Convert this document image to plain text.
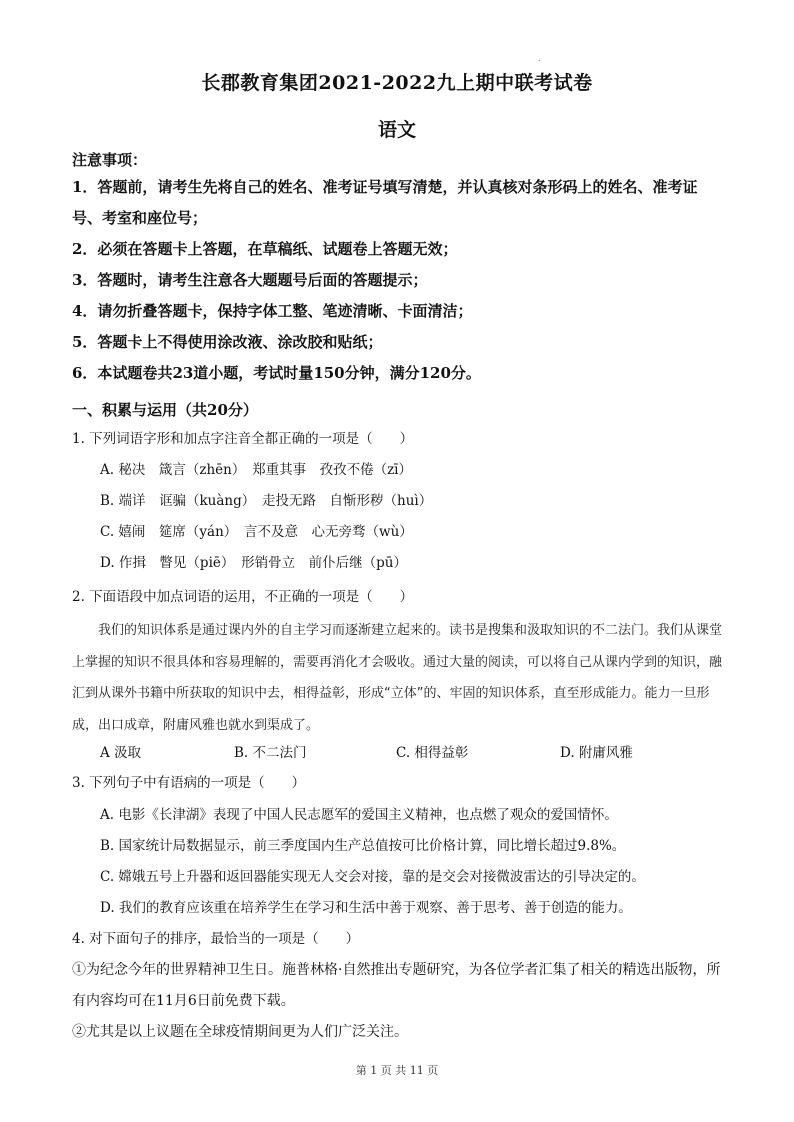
.
长郡教育集团2021-2022九上期中联考试卷
语文
注意事项：
1．答题前，请考生先将自己的姓名、准考证号填写清楚，并认真核对条形码上的姓名、准考证号、考室和座位号；
2．必须在答题卡上答题，在草稿纸、试题卷上答题无效；
3．答题时，请考生注意各大题题号后面的答题提示；
4．请勿折叠答题卡，保持字体工整、笔迹清晰、卡面清洁；
5．答题卡上不得使用涂改液、涂改胶和贴纸；
6．本试题卷共23道小题，考试时量150分钟，满分120分。
一、积累与运用（共20分）
1. 下列词语字形和加点字注音全都正确的一项是（　　）
A. 秘决　箴言（zhēn）　郑重其事　孜孜不倦（zī）
B. 端详　诓骗（kuàng）　走投无路　自惭形秽（huì）
C. 嬉闹　筵席（yán）　言不及意　心无旁骛（wù）
D. 作揖　瞥见（piē）　形销骨立　前仆后继（pū）
2. 下面语段中加点词语的运用，不正确的一项是（　　）
我们的知识体系是通过课内外的自主学习而逐渐建立起来的。读书是搜集和汲取知识的不二法门。我们从课堂上掌握的知识不很具体和容易理解的，需要再消化才会吸收。通过大量的阅读，可以将自己从课内学到的知识，融汇到从课外书籍中所获取的知识中去，相得益彰，形成“立体”的、牢固的知识体系，直至形成能力。能力一旦形成，出口成章，附庸风雅也就水到渠成了。
A 汲取	B. 不二法门	C. 相得益彰	D. 附庸风雅
3. 下列句子中有语病的一项是（　　）
A. 电影《长津湖》表现了中国人民志愿军的爱国主义精神，也点燃了观众的爱国情怀。
B. 国家统计局数据显示，前三季度国内生产总值按可比价格计算，同比增长超过9.8%。
C. 嫦娥五号上升器和返回器能实现无人交会对接，靠的是交会对接微波雷达的引导决定的。
D. 我们的教育应该重在培养学生在学习和生活中善于观察、善于思考、善于创造的能力。
4. 对下面句子的排序，最恰当的一项是（　　）
①为纪念今年的世界精神卫生日。施普林格·自然推出专题研究，为各位学者汇集了相关的精选出版物，所有内容均可在11月6日前免费下载。
②尤其是以上议题在全球疫情期间更为人们广泛关注。
第 1 页 共 11 页
